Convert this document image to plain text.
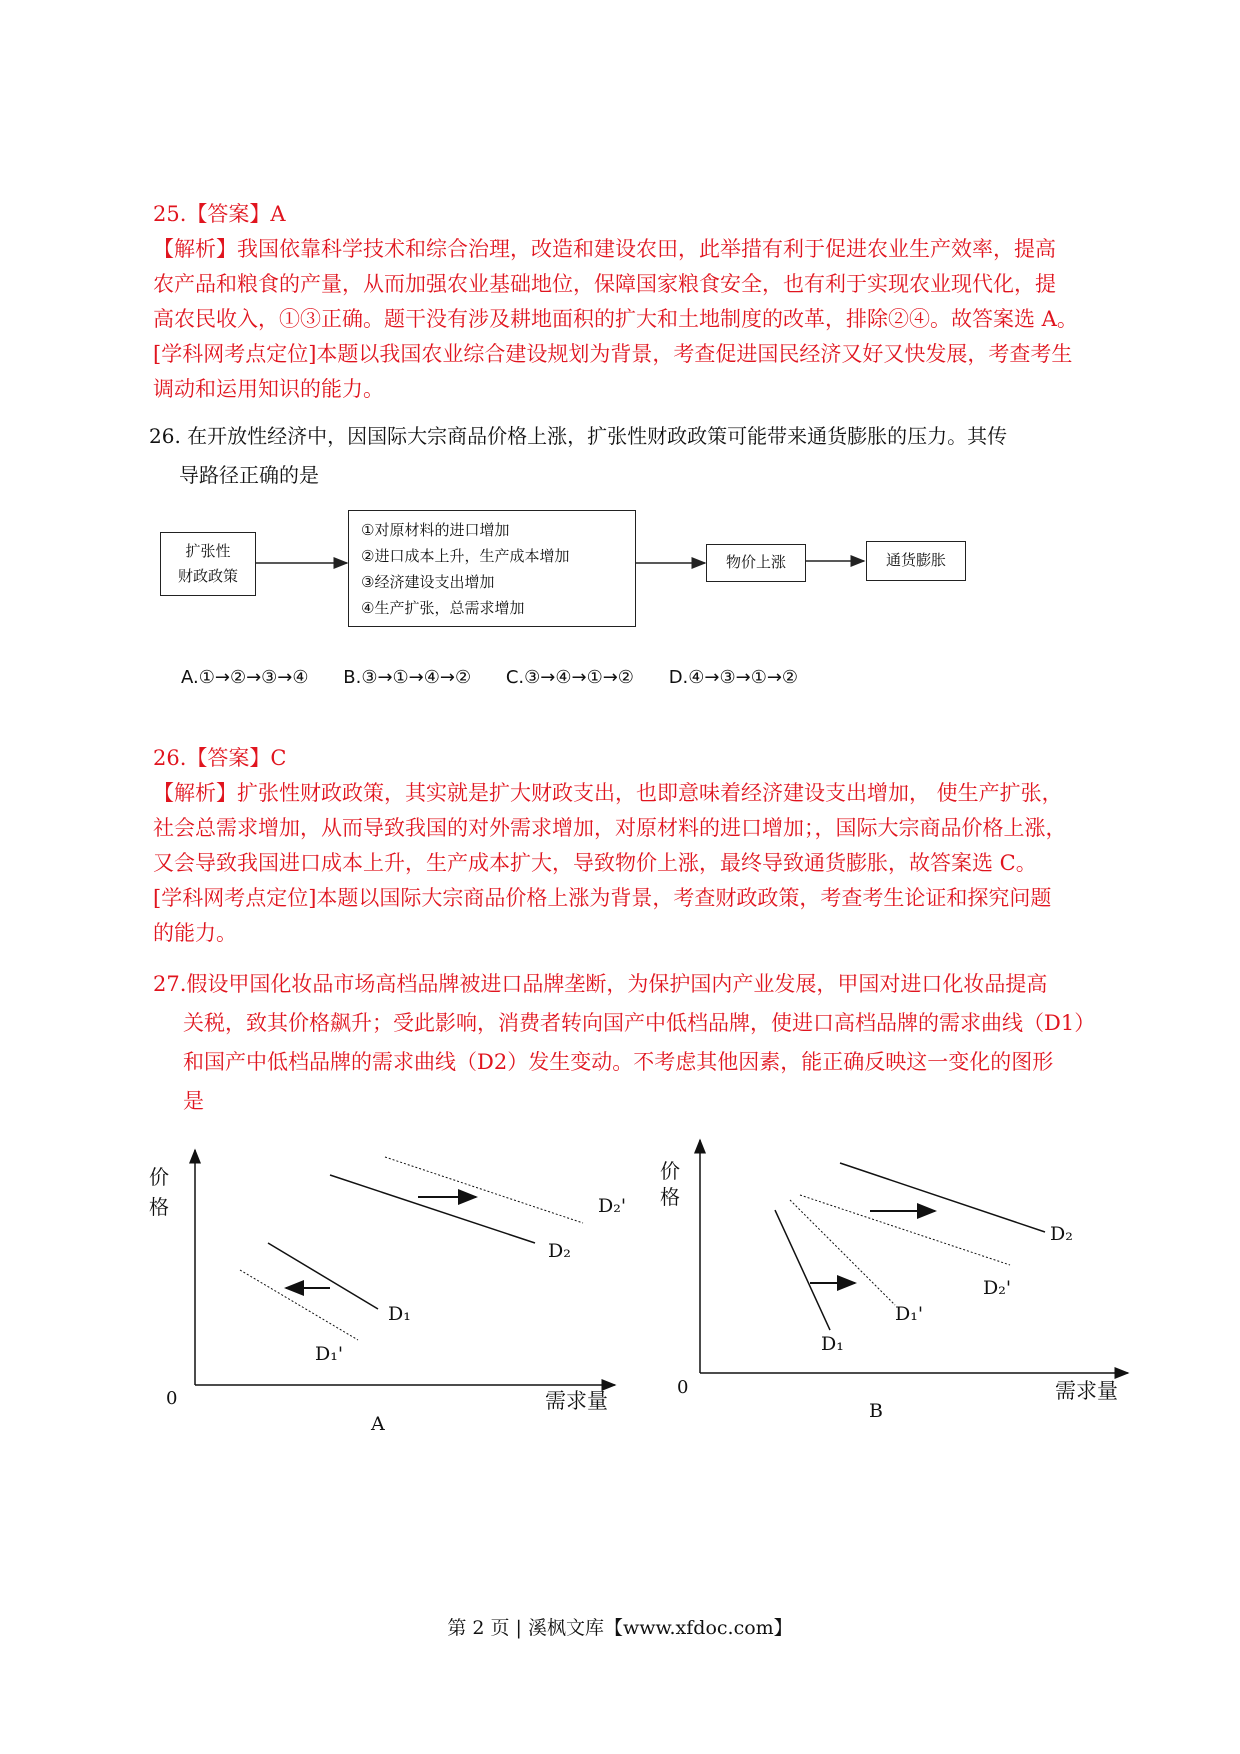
25.【答案】A
【解析】我国依靠科学技术和综合治理，改造和建设农田，此举措有利于促进农业生产效率，提高
农产品和粮食的产量，从而加强农业基础地位，保障国家粮食安全，也有利于实现农业现代化，提
高农民收入，①③正确。题干没有涉及耕地面积的扩大和土地制度的改革，排除②④。故答案选 A。
[学科网考点定位]本题以我国农业综合建设规划为背景，考查促进国民经济又好又快发展，考查考生
调动和运用知识的能力。
26. 在开放性经济中，因国际大宗商品价格上涨，扩张性财政政策可能带来通货膨胀的压力。其传
导路径正确的是
扩张性
财政政策
①对原材料的进口增加
②进口成本上升，生产成本增加
③经济建设支出增加
④生产扩张，总需求增加
物价上涨	通货膨胀
A.①→②→③→④ B.③→①→④→② C.③→④→①→② D.④→③→①→②
26.【答案】C
【解析】扩张性财政政策，其实就是扩大财政支出，也即意味着经济建设支出增加， 使生产扩张，
社会总需求增加，从而导致我国的对外需求增加，对原材料的进口增加；，国际大宗商品价格上涨，
又会导致我国进口成本上升，生产成本扩大，导致物价上涨，最终导致通货膨胀，故答案选 C。
[学科网考点定位]本题以国际大宗商品价格上涨为背景，考查财政政策，考查考生论证和探究问题
的能力。
27.假设甲国化妆品市场高档品牌被进口品牌垄断，为保护国内产业发展，甲国对进口化妆品提高
关税，致其价格飙升；受此影响，消费者转向国产中低档品牌，使进口高档品牌的需求曲线（D1）
和国产中低档品牌的需求曲线（D2）发生变动。不考虑其他因素，能正确反映这一变化的图形
是
价
格
0	需求量
A
D₁
D₁'
D₂
D₂'
价
格
0	需求量
B
D₁
D₁'
D₂
D₂'
第 2 页 | 溪枫文库【www.xfdoc.com】
